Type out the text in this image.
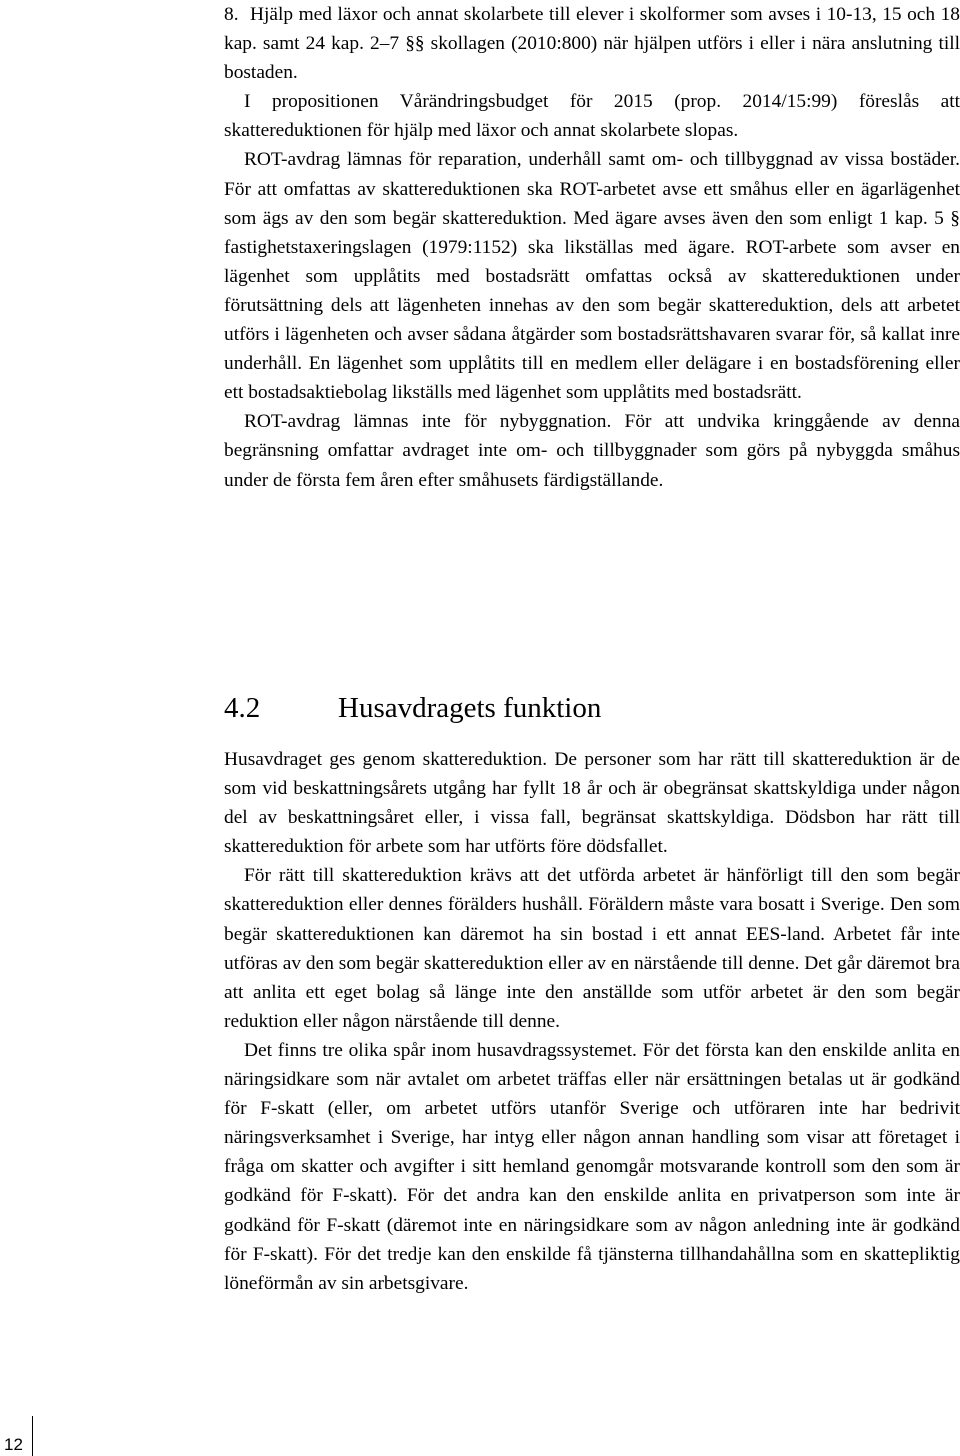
8. Hjälp med läxor och annat skolarbete till elever i skolformer som avses i 10-13, 15 och 18 kap. samt 24 kap. 2–7 §§ skollagen (2010:800) när hjälpen utförs i eller i nära anslutning till bostaden.

I propositionen Vårändringsbudget för 2015 (prop. 2014/15:99) föreslås att skattereduktionen för hjälp med läxor och annat skolarbete slopas.

ROT-avdrag lämnas för reparation, underhåll samt om- och tillbyggnad av vissa bostäder. För att omfattas av skattereduktionen ska ROT-arbetet avse ett småhus eller en ägarlägenhet som ägs av den som begär skattereduktion. Med ägare avses även den som enligt 1 kap. 5 § fastighetstaxeringslagen (1979:1152) ska likställas med ägare. ROT-arbete som avser en lägenhet som upplåtits med bostadsrätt omfattas också av skattereduktionen under förutsättning dels att lägenheten innehas av den som begär skattereduktion, dels att arbetet utförs i lägenheten och avser sådana åtgärder som bostadsrättshavaren svarar för, så kallat inre underhåll. En lägenhet som upplåtits till en medlem eller delägare i en bostadsförening eller ett bostadsaktiebolag likställs med lägenhet som upplåtits med bostadsrätt.

ROT-avdrag lämnas inte för nybyggnation. För att undvika kringgående av denna begränsning omfattar avdraget inte om- och tillbyggnader som görs på nybyggda småhus under de första fem åren efter småhusets färdigställande.

4.2	Husavdragets funktion

Husavdraget ges genom skattereduktion. De personer som har rätt till skattereduktion är de som vid beskattningsårets utgång har fyllt 18 år och är obegränsat skattskyldiga under någon del av beskattningsåret eller, i vissa fall, begränsat skattskyldiga. Dödsbon har rätt till skattereduktion för arbete som har utförts före dödsfallet.

För rätt till skattereduktion krävs att det utförda arbetet är hänförligt till den som begär skattereduktion eller dennes förälders hushåll. Föräldern måste vara bosatt i Sverige. Den som begär skattereduktionen kan däremot ha sin bostad i ett annat EES-land. Arbetet får inte utföras av den som begär skattereduktion eller av en närstående till denne. Det går däremot bra att anlita ett eget bolag så länge inte den anställde som utför arbetet är den som begär reduktion eller någon närstående till denne.

Det finns tre olika spår inom husavdragssystemet. För det första kan den enskilde anlita en näringsidkare som när avtalet om arbetet träffas eller när ersättningen betalas ut är godkänd för F-skatt (eller, om arbetet utförs utanför Sverige och utföraren inte har bedrivit näringsverksamhet i Sverige, har intyg eller någon annan handling som visar att företaget i fråga om skatter och avgifter i sitt hemland genomgår motsvarande kontroll som den som är godkänd för F-skatt). För det andra kan den enskilde anlita en privatperson som inte är godkänd för F-skatt (däremot inte en näringsidkare som av någon anledning inte är godkänd för F-skatt). För det tredje kan den enskilde få tjänsterna tillhandahållna som en skattepliktig löneförmån av sin arbetsgivare.

12
